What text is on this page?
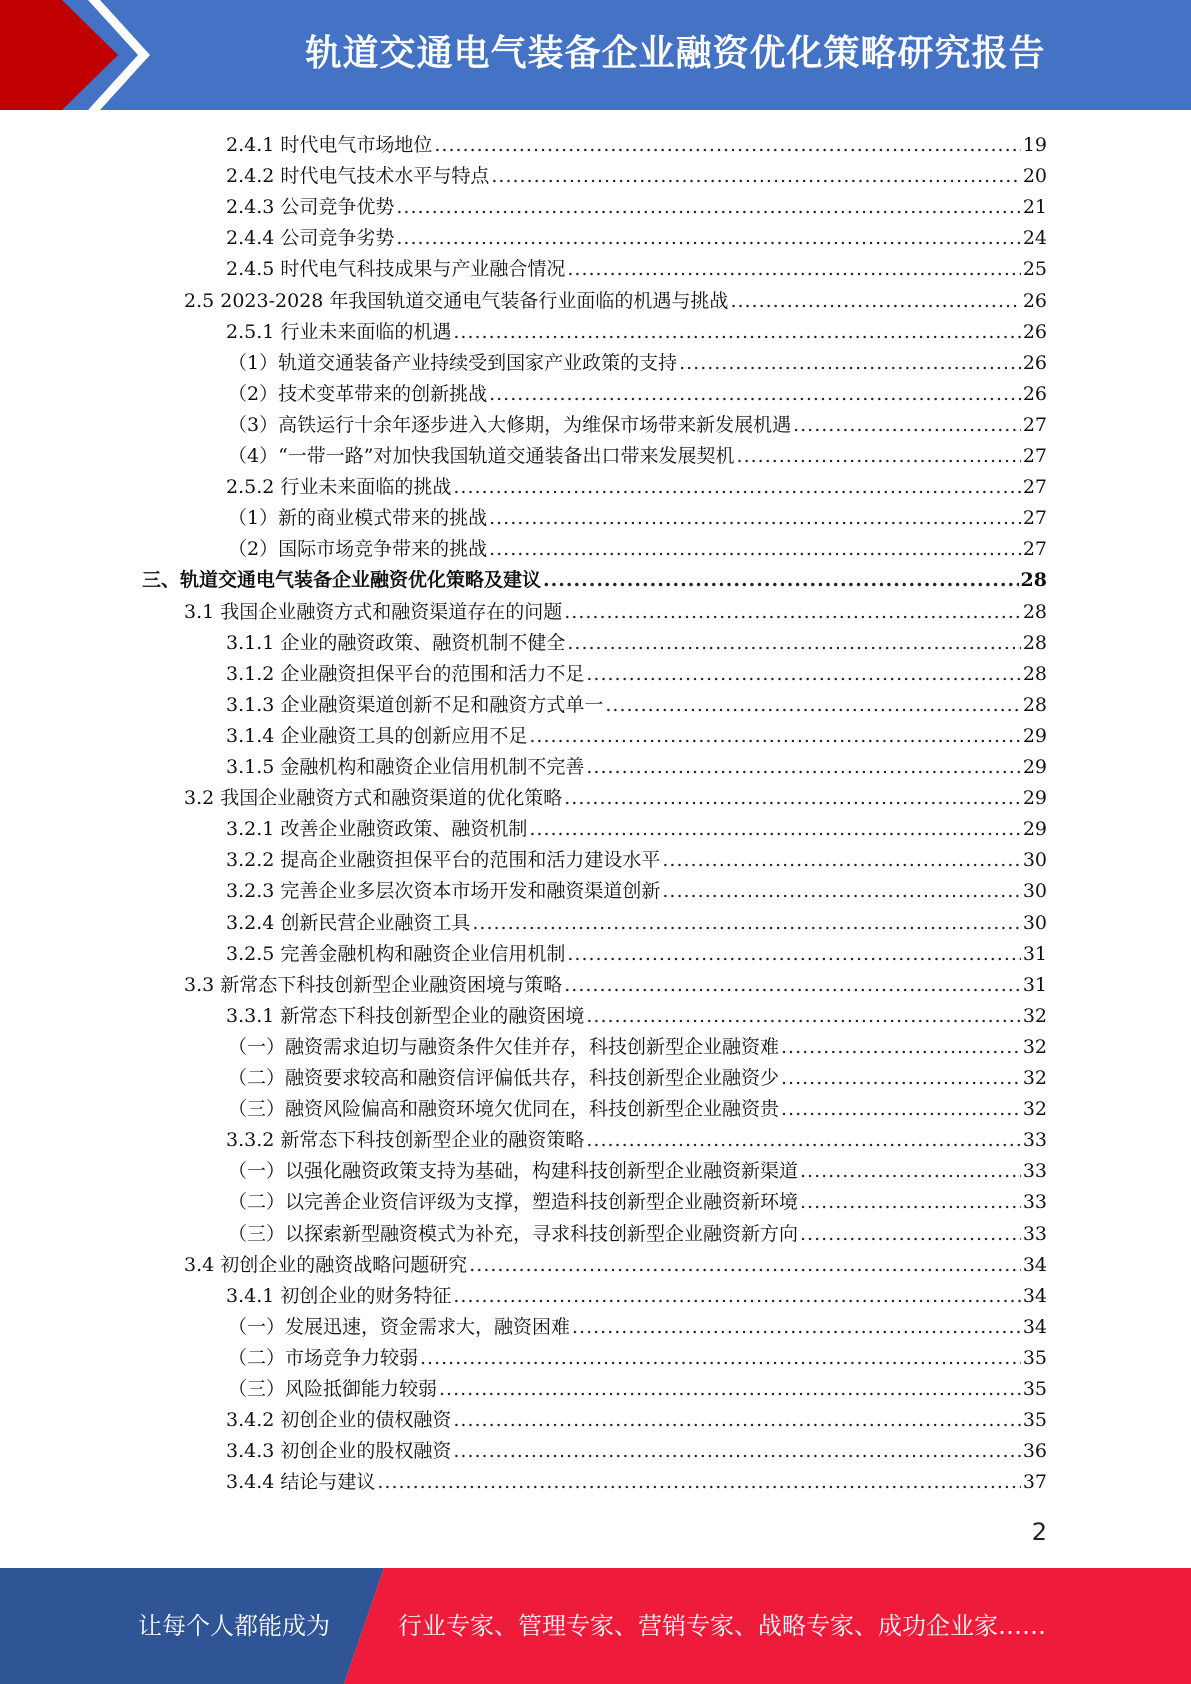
轨道交通电气装备企业融资优化策略研究报告
2.4.1 时代电气市场地位 .....	19
2.4.2 时代电气技术水平与特点 .....	20
2.4.3 公司竞争优势 .....	21
2.4.4 公司竞争劣势 .....	24
2.4.5 时代电气科技成果与产业融合情况 .....	25
2.5 2023-2028 年我国轨道交通电气装备行业面临的机遇与挑战 .....	26
2.5.1 行业未来面临的机遇 .....	26
（1）轨道交通装备产业持续受到国家产业政策的支持 .....	26
（2）技术变革带来的创新挑战 .....	26
（3）高铁运行十余年逐步进入大修期，为维保市场带来新发展机遇 .....	27
（4）“一带一路”对加快我国轨道交通装备出口带来发展契机 .....	27
2.5.2 行业未来面临的挑战 .....	27
（1）新的商业模式带来的挑战 .....	27
（2）国际市场竞争带来的挑战 .....	27
三、轨道交通电气装备企业融资优化策略及建议 .....	28
3.1 我国企业融资方式和融资渠道存在的问题 .....	28
3.1.1 企业的融资政策、融资机制不健全 .....	28
3.1.2 企业融资担保平台的范围和活力不足 .....	28
3.1.3 企业融资渠道创新不足和融资方式单一 .....	28
3.1.4 企业融资工具的创新应用不足 .....	29
3.1.5 金融机构和融资企业信用机制不完善 .....	29
3.2 我国企业融资方式和融资渠道的优化策略 .....	29
3.2.1 改善企业融资政策、融资机制 .....	29
3.2.2 提高企业融资担保平台的范围和活力建设水平 .....	30
3.2.3 完善企业多层次资本市场开发和融资渠道创新 .....	30
3.2.4 创新民营企业融资工具 .....	30
3.2.5 完善金融机构和融资企业信用机制 .....	31
3.3 新常态下科技创新型企业融资困境与策略 .....	31
3.3.1 新常态下科技创新型企业的融资困境 .....	32
（一）融资需求迫切与融资条件欠佳并存，科技创新型企业融资难 .....	32
（二）融资要求较高和融资信评偏低共存，科技创新型企业融资少 .....	32
（三）融资风险偏高和融资环境欠优同在，科技创新型企业融资贵 .....	32
3.3.2 新常态下科技创新型企业的融资策略 .....	33
（一）以强化融资政策支持为基础，构建科技创新型企业融资新渠道 .....	33
（二）以完善企业资信评级为支撑，塑造科技创新型企业融资新环境 .....	33
（三）以探索新型融资模式为补充，寻求科技创新型企业融资新方向 .....	33
3.4 初创企业的融资战略问题研究 .....	34
3.4.1 初创企业的财务特征 .....	34
（一）发展迅速，资金需求大，融资困难 .....	34
（二）市场竞争力较弱 .....	35
（三）风险抵御能力较弱 .....	35
3.4.2 初创企业的债权融资 .....	35
3.4.3 初创企业的股权融资 .....	36
3.4.4 结论与建议 .....	37
2
让每个人都能成为	行业专家、管理专家、营销专家、战略专家、成功企业家……
